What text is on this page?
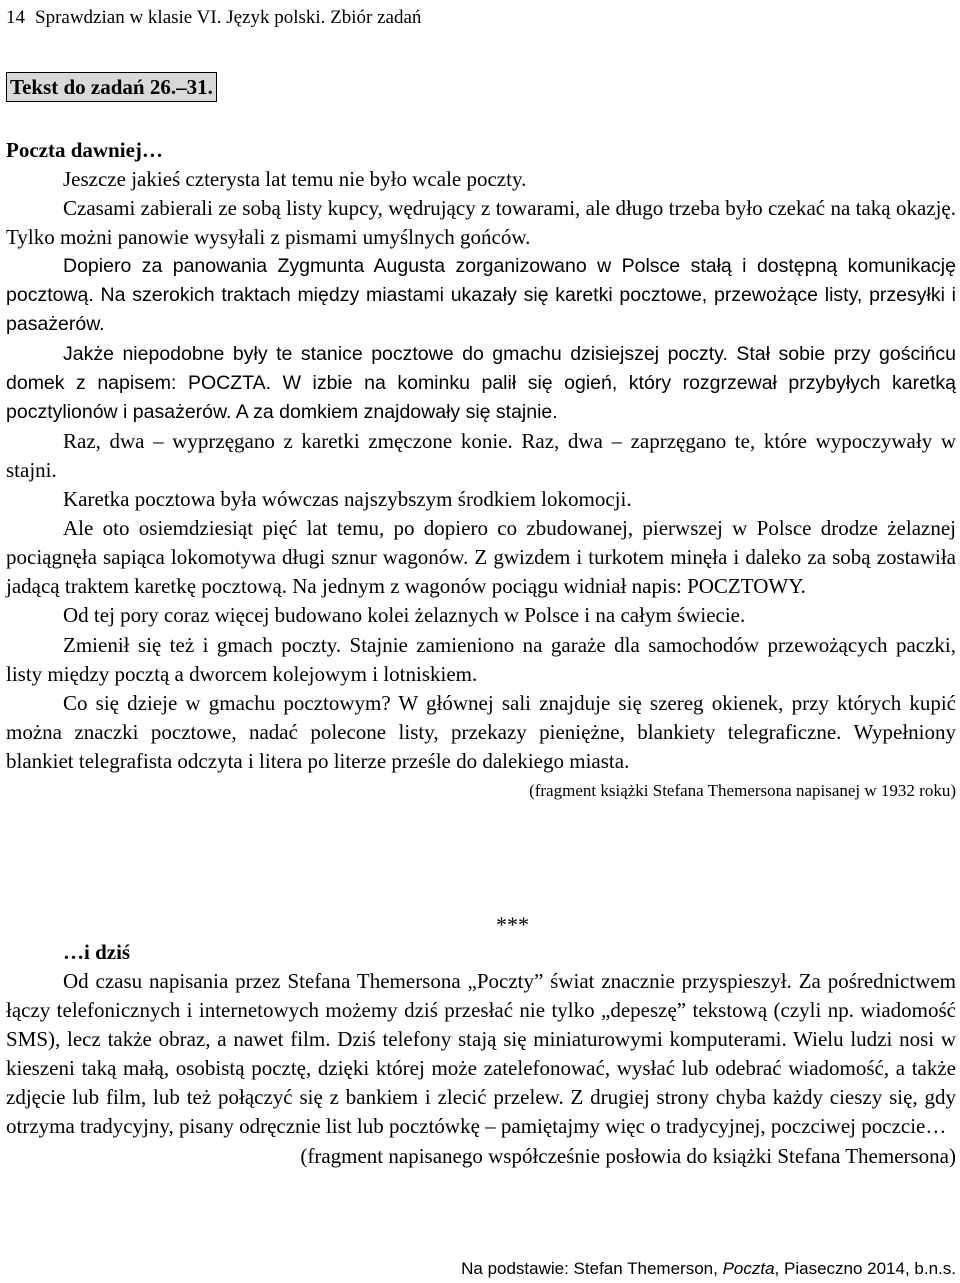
14 Sprawdzian w klasie VI. Język polski. Zbiór zadań
Tekst do zadań 26.–31.
Poczta dawniej…

Jeszcze jakieś czterysta lat temu nie było wcale poczty.

Czasami zabierali ze sobą listy kupcy, wędrujący z towarami, ale długo trzeba było czekać na taką okazję. Tylko możni panowie wysyłali z pismami umyślnych gońców.

Dopiero za panowania Zygmunta Augusta zorganizowano w Polsce stałą i dostępną komunikację pocztową. Na szerokich traktach między miastami ukazały się karetki pocztowe, przewożące listy, przesyłki i pasażerów.

Jakże niepodobne były te stanice pocztowe do gmachu dzisiejszej poczty. Stał sobie przy gościńcu domek z napisem: POCZTA. W izbie na kominku palił się ogień, który rozgrzewał przybyłych karetką pocztylionów i pasażerów. A za domkiem znajdowały się stajnie.

Raz, dwa – wyprzęgano z karetki zmęczone konie. Raz, dwa – zaprzęgano te, które wypoczywały w stajni.

Karetka pocztowa była wówczas najszybszym środkiem lokomocji.

Ale oto osiemdziesiąt pięć lat temu, po dopiero co zbudowanej, pierwszej w Polsce drodze żelaznej pociągnęła sapiąca lokomotywa długi sznur wagonów. Z gwizdem i turkotem minęła i daleko za sobą zostawiła jadącą traktem karetkę pocztową. Na jednym z wagonów pociągu widniał napis: POCZTOWY.

Od tej pory coraz więcej budowano kolei żelaznych w Polsce i na całym świecie.

Zmienił się też i gmach poczty. Stajnie zamieniono na garaże dla samochodów przewożących paczki, listy między pocztą a dworcem kolejowym i lotniskiem.

Co się dzieje w gmachu pocztowym? W głównej sali znajduje się szereg okienek, przy których kupić można znaczki pocztowe, nadać polecone listy, przekazy pieniężne, blankiety telegraficzne. Wypełniony blankiet telegrafista odczyta i litera po literze prześle do dalekiego miasta.

(fragment książki Stefana Themersona napisanej w 1932 roku)

***
…i dziś

Od czasu napisania przez Stefana Themersona „Poczty” świat znacznie przyspieszył. Za pośrednictwem łączy telefonicznych i internetowych możemy dziś przesłać nie tylko „depeszę” tekstową (czyli np. wiadomość SMS), lecz także obraz, a nawet film. Dziś telefony stają się miniaturowymi komputerami. Wielu ludzi nosi w kieszeni taką małą, osobistą pocztę, dzięki której może zatelefonować, wysłać lub odebrać wiadomość, a także zdjęcie lub film, lub też połączyć się z bankiem i zlecić przelew. Z drugiej strony chyba każdy cieszy się, gdy otrzyma tradycyjny, pisany odręcznie list lub pocztówkę – pamiętajmy więc o tradycyjnej, poczciwej poczcie…

(fragment napisanego współcześnie posłowia do książki Stefana Themersona)

Na podstawie: Stefan Themerson, Poczta, Piaseczno 2014, b.n.s.
